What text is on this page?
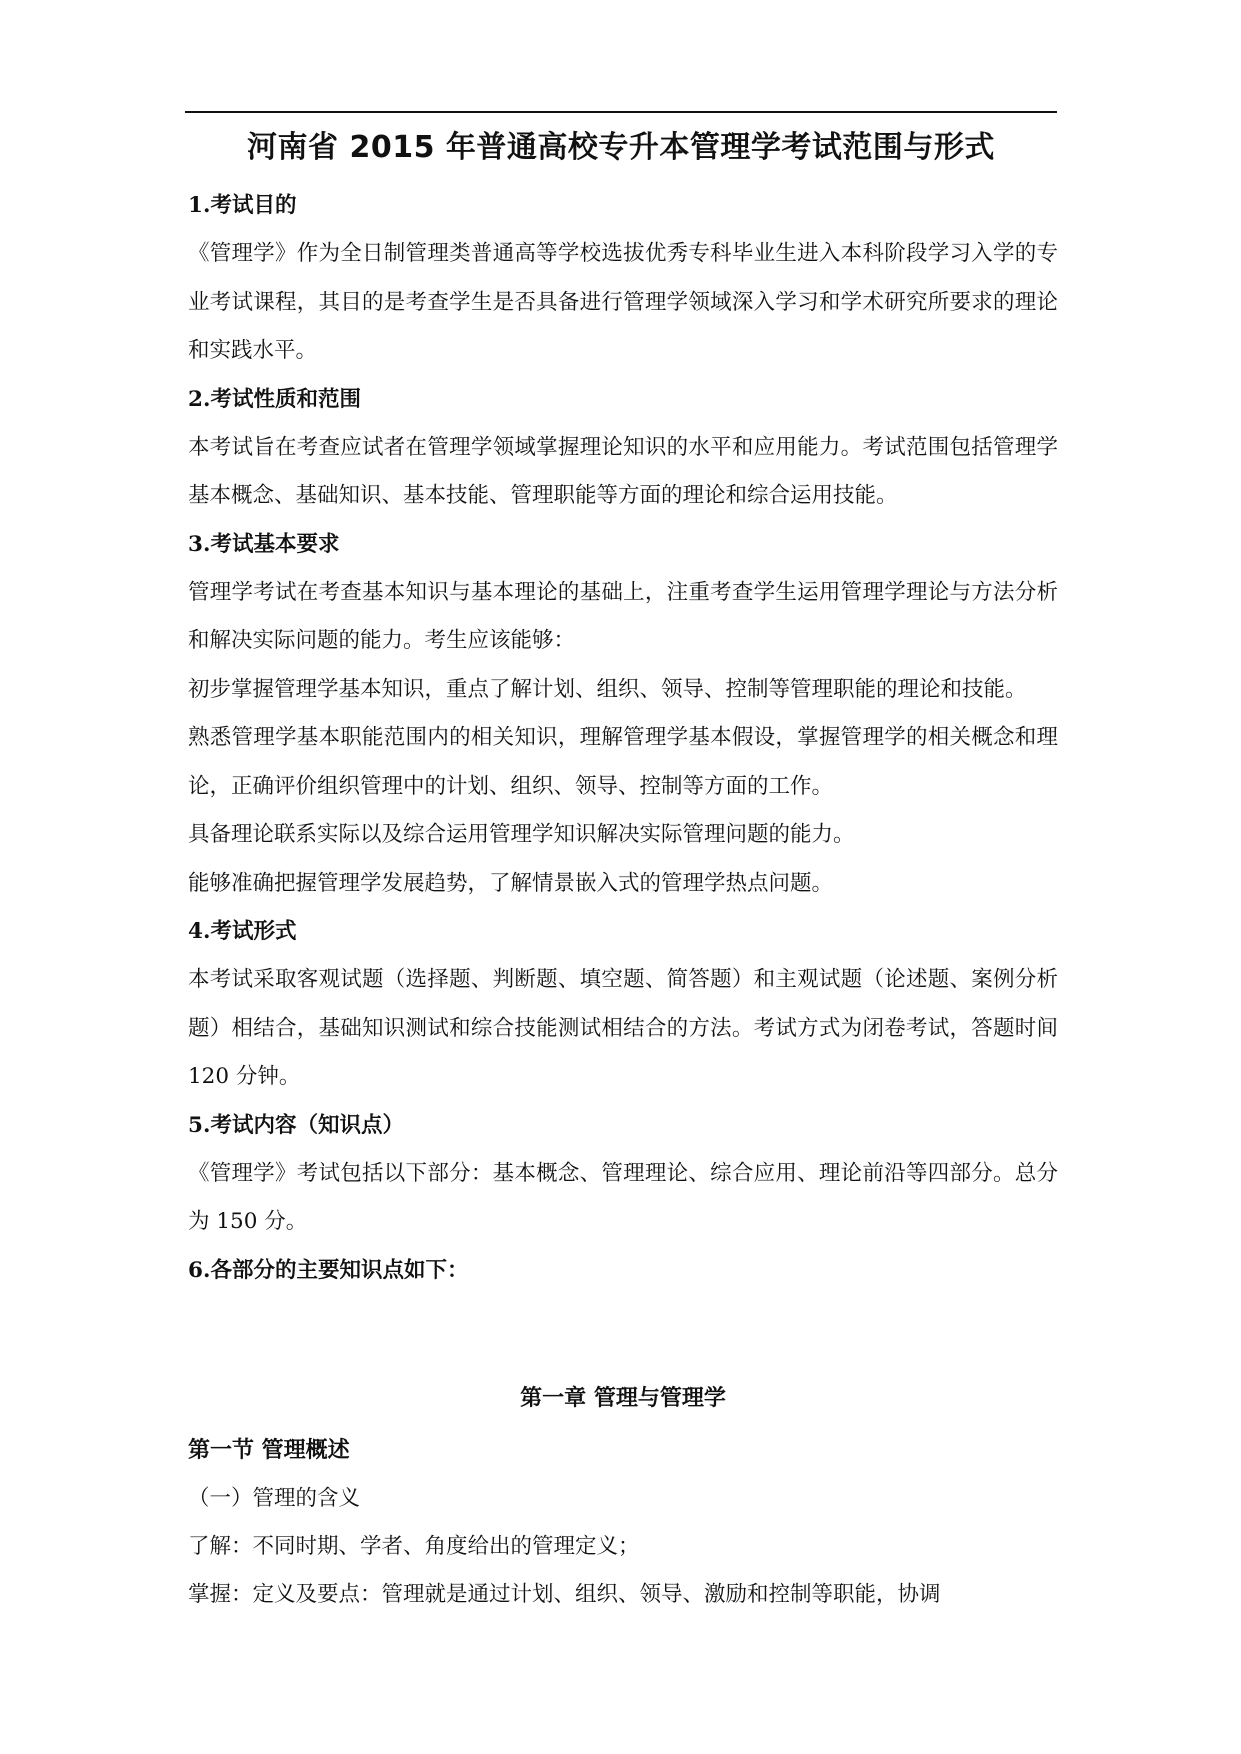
河南省 2015 年普通高校专升本管理学考试范围与形式
1.考试目的

《管理学》作为全日制管理类普通高等学校选拔优秀专科毕业生进入本科阶段学习入学的专业考试课程，其目的是考查学生是否具备进行管理学领域深入学习和学术研究所要求的理论和实践水平。

2.考试性质和范围

本考试旨在考查应试者在管理学领域掌握理论知识的水平和应用能力。考试范围包括管理学基本概念、基础知识、基本技能、管理职能等方面的理论和综合运用技能。

3.考试基本要求

管理学考试在考查基本知识与基本理论的基础上，注重考查学生运用管理学理论与方法分析和解决实际问题的能力。考生应该能够：

初步掌握管理学基本知识，重点了解计划、组织、领导、控制等管理职能的理论和技能。

熟悉管理学基本职能范围内的相关知识，理解管理学基本假设，掌握管理学的相关概念和理论，正确评价组织管理中的计划、组织、领导、控制等方面的工作。

具备理论联系实际以及综合运用管理学知识解决实际管理问题的能力。

能够准确把握管理学发展趋势，了解情景嵌入式的管理学热点问题。

4.考试形式

本考试采取客观试题（选择题、判断题、填空题、简答题）和主观试题（论述题、案例分析题）相结合，基础知识测试和综合技能测试相结合的方法。考试方式为闭卷考试，答题时间 120 分钟。

5.考试内容（知识点）

《管理学》考试包括以下部分：基本概念、管理理论、综合应用、理论前沿等四部分。总分为 150 分。

6.各部分的主要知识点如下：
第一章 管理与管理学
第一节 管理概述

（一）管理的含义

了解：不同时期、学者、角度给出的管理定义；

掌握：定义及要点：管理就是通过计划、组织、领导、激励和控制等职能，协调
